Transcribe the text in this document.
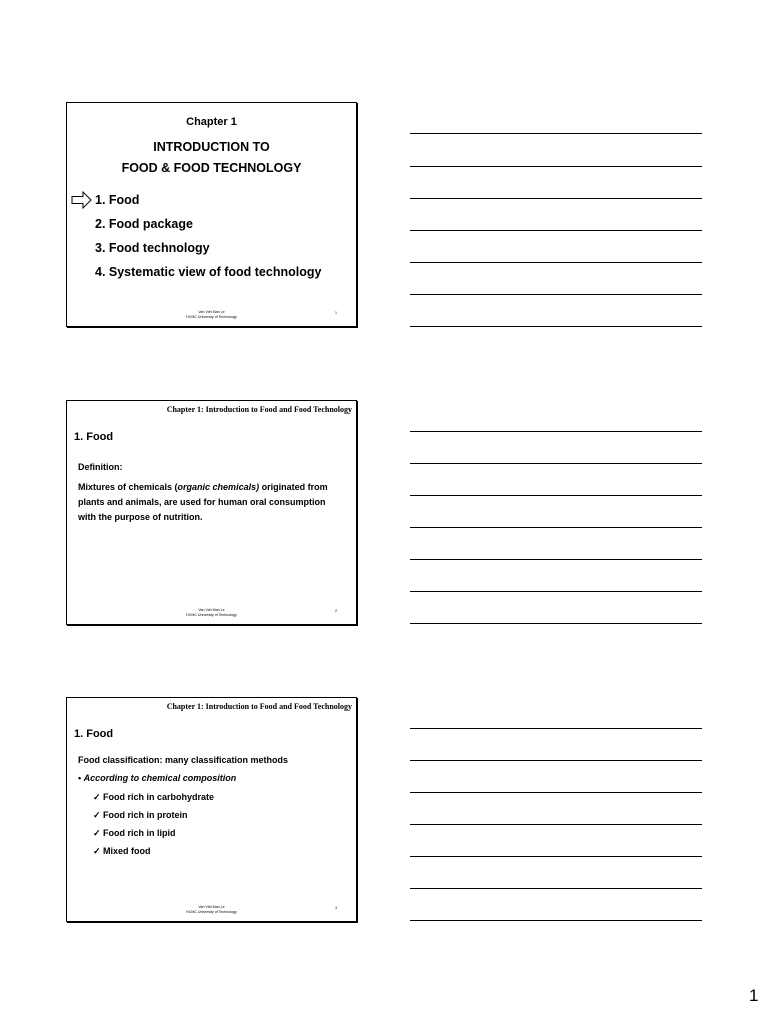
Chapter 1
INTRODUCTION TO
FOOD & FOOD TECHNOLOGY
1. Food
2. Food package
3. Food technology
4. Systematic view of food technology
Van Viet Man Le
HCMC University of Technology
1
Chapter 1: Introduction to Food and Food Technology
1. Food

Definition:

Mixtures of chemicals (organic chemicals) originated from plants and animals, are used for human oral consumption with the purpose of nutrition.

Van Viet Man Le
HCMC University of Technology
2
Chapter 1: Introduction to Food and Food Technology
1. Food
Food classification: many classification methods
• According to chemical composition
✓ Food rich in carbohydrate
✓ Food rich in protein
✓ Food rich in lipid
✓ Mixed food
Van Viet Man Le
HCMC University of Technology
3
1
